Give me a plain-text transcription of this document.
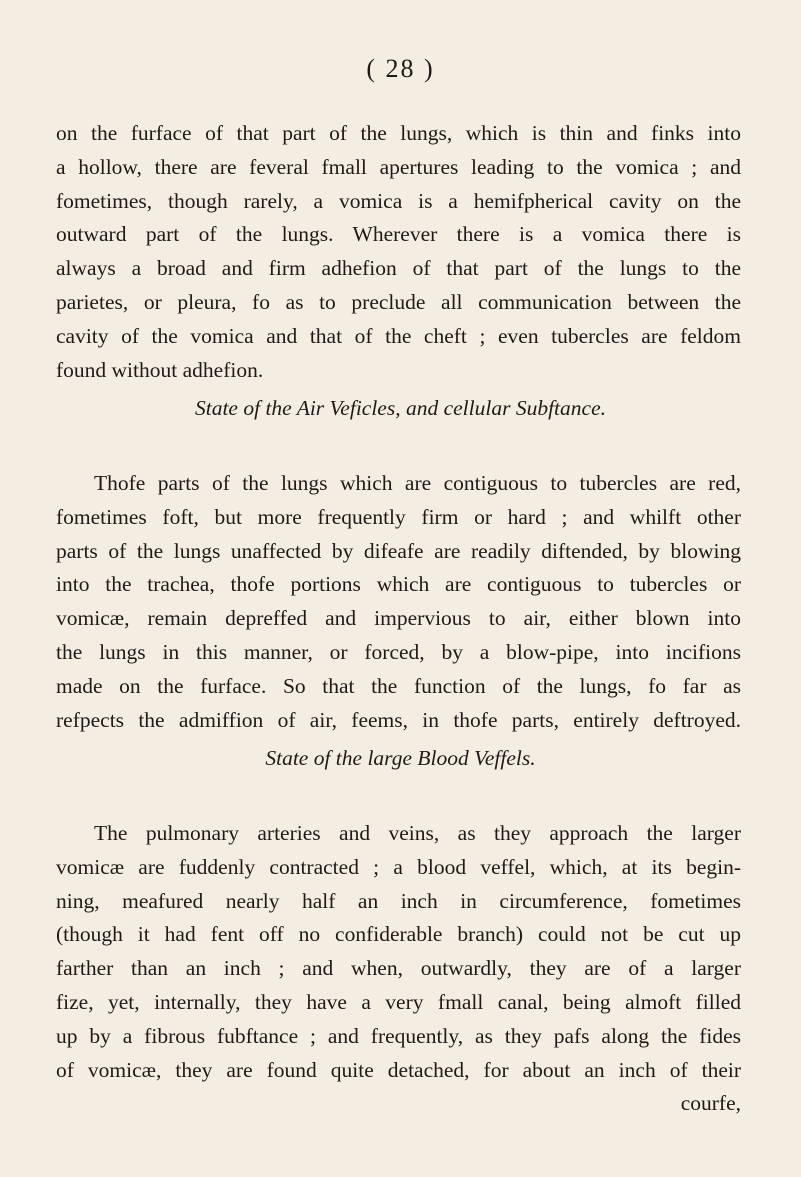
( 28 )
on the furface of that part of the lungs, which is thin and finks into
a hollow, there are feveral fmall apertures leading to the vomica ; and
fometimes, though rarely, a vomica is a hemifpherical cavity on the
outward part of the lungs. Wherever there is a vomica there is
always a broad and firm adhefion of that part of the lungs to the
parietes, or pleura, fo as to preclude all communication between the
cavity of the vomica and that of the cheft ; even tubercles are feldom
found without adhefion.
State of the Air Veficles, and cellular Subftance.
Thofe parts of the lungs which are contiguous to tubercles are red,
fometimes foft, but more frequently firm or hard ; and whilft other
parts of the lungs unaffected by difeafe are readily diftended, by blowing
into the trachea, thofe portions which are contiguous to tubercles or
vomicæ, remain depreffed and impervious to air, either blown into
the lungs in this manner, or forced, by a blow-pipe, into incifions
made on the furface. So that the function of the lungs, fo far as
refpects the admiffion of air, feems, in thofe parts, entirely deftroyed.
State of the large Blood Veffels.
The pulmonary arteries and veins, as they approach the larger
vomicæ are fuddenly contracted ; a blood veffel, which, at its begin-
ning, meafured nearly half an inch in circumference, fometimes
(though it had fent off no confiderable branch) could not be cut up
farther than an inch ; and when, outwardly, they are of a larger
fize, yet, internally, they have a very fmall canal, being almoft filled
up by a fibrous fubftance ; and frequently, as they pafs along the fides
of vomicæ, they are found quite detached, for about an inch of their
courfe,
